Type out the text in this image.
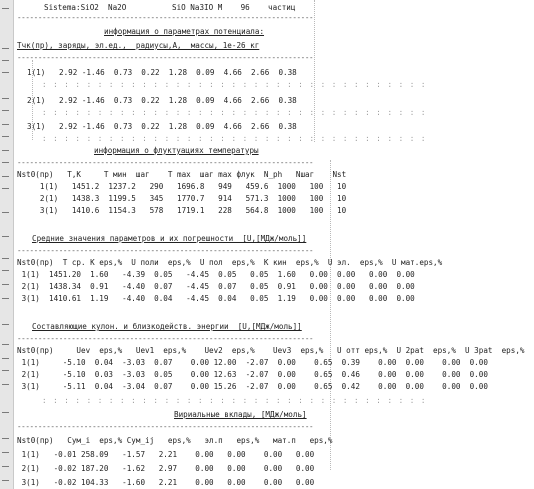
Sistema:SiO2  Na2O          SiO Na3IO M    96    частиц
-----------------------------------------------------------------------
информация о параметрах потенциала:
Тчк(пр), заряды, эл.ед.,  радиусы,А,  массы, 1e-26 кг
-----------------------------------------------------------------------
1(1)   2.92 -1.46  0.73  0.22  1.28  0.09  4.66  2.66  0.38
: : : : : : : : : : : : : : : : : : : : : : : : : : : : : : : : : : :
2(1)   2.92 -1.46  0.73  0.22  1.28  0.09  4.66  2.66  0.38
: : : : : : : : : : : : : : : : : : : : : : : : : : : : : : : : : : :
3(1)   2.92 -1.46  0.73  0.22  1.28  0.09  4.66  2.66  0.38
: : : : : : : : : : : : : : : : : : : : : : : : : : : : : : : : : : :
информация о флуктуациях температуры
-----------------------------------------------------------------------
Nst0(пр)   T,K     T мин  шаг    T max  шаг max флук  N_ph   Nшаг    Nst
1(1)   1451.2  1237.2   290   1696.8   949   459.6  1000   100   10
2(1)   1438.3  1199.5   345   1770.7   914   571.3  1000   100   10
3(1)   1410.6  1154.3   578   1719.1   228   564.8  1000   100   10
Средние значения параметров и их погрешности  [U,[МДж/моль]]
-----------------------------------------------------------------------
Nst0(пр)  T ср. K eps,%  U поли  eps,%  U пол  eps,%  K кин  eps,%  U эл.  eps,%  U мат.eps,%
1(1)  1451.20  1.60   -4.39  0.05   -4.45  0.05   0.05  1.60   0.00  0.00   0.00  0.00
2(1)  1438.34  0.91   -4.40  0.07   -4.45  0.07   0.05  0.91   0.00  0.00   0.00  0.00
3(1)  1410.61  1.19   -4.40  0.04   -4.45  0.04   0.05  1.19   0.00  0.00   0.00  0.00
Составляющие кулон. и близкодейств. энергии  [U,[МДж/моль]]
-----------------------------------------------------------------------
Nst0(пр)     Uev  eps,%   Uev1  eps,%    Uev2  eps,%    Uev3  eps,%   U отт eps,%  U 2pat  eps,%  U 3pat  eps,%
1(1)     -5.10  0.04  -3.03  0.07    0.00 12.00  -2.07  0.00    0.65  0.39    0.00  0.00    0.00  0.00
2(1)     -5.10  0.03  -3.03  0.05    0.00 12.63  -2.07  0.00    0.65  0.46    0.00  0.00    0.00  0.00
3(1)     -5.11  0.04  -3.04  0.07    0.00 15.26  -2.07  0.00    0.65  0.42    0.00  0.00    0.00  0.00
: : : : : : : : : : : : : : : : : : : : : : : : : : : : : : : : : : :
Вириальные вклады, [МДж/моль]
-----------------------------------------------------------------------
Nst0(пр)   Сум_i  eps,% Сум_ij   eps,%   эл.п   eps,%   мат.п   eps,%
1(1)   -0.01 258.09   -1.57   2.21    0.00   0.00    0.00   0.00
2(1)   -0.02 187.20   -1.62   2.97    0.00   0.00    0.00   0.00
3(1)   -0.02 104.33   -1.60   2.21    0.00   0.00    0.00   0.00
